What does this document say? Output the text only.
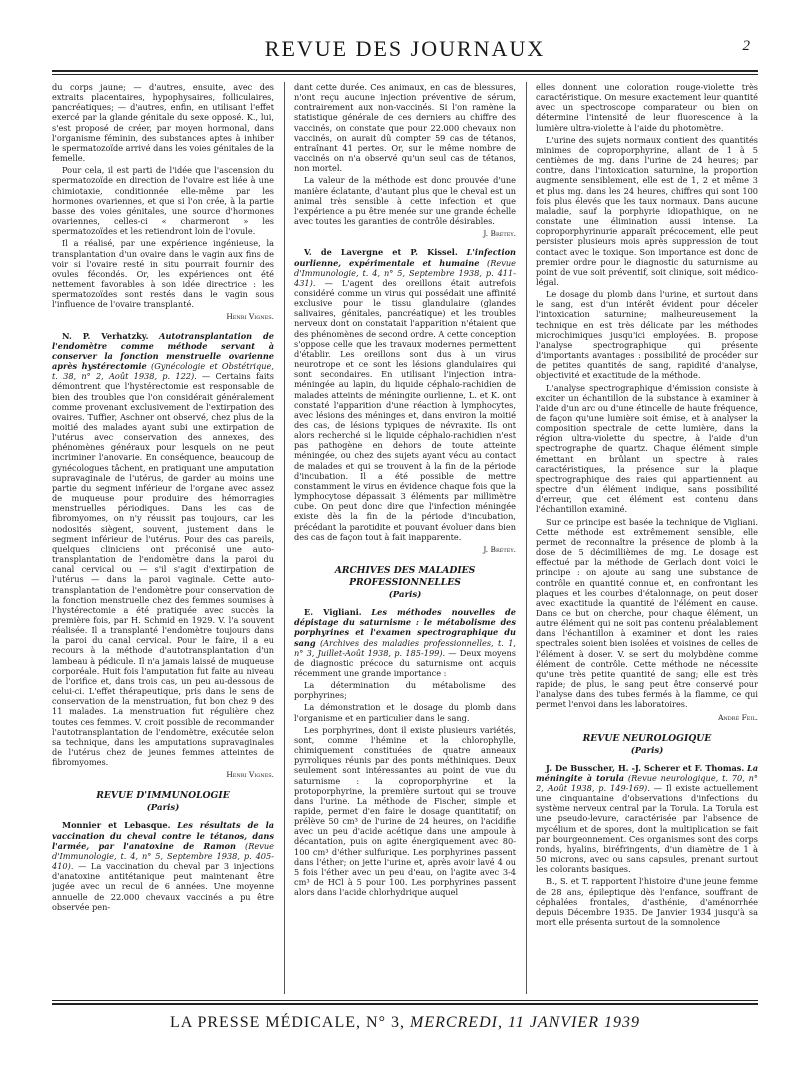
REVUE DES JOURNAUX	2

du corps jaune; — d'autres, ensuite, avec des extraits placentaires, hypophysaires, folliculaires, pancréatiques; — d'autres, enfin, en utilisant l'effet exercé par la glande génitale du sexe opposé. K., lui, s'est proposé de créer, par moyen hormonal, dans l'organisme féminin, des substances aptes à inhiber le spermatozoïde arrivé dans les voies génitales de la femelle.

Pour cela, il est parti de l'idée que l'ascension du spermatozoïde en direction de l'ovaire est liée à une chimiotaxie, conditionnée elle-même par les hormones ovariennes, et que si l'on crée, à la partie basse des voies génitales, une source d'hormones ovariennes, celles-ci « charmeront » les spermatozoïdes et les retiendront loin de l'ovule.

Il a réalisé, par une expérience ingénieuse, la transplantation d'un ovaire dans le vagin aux fins de voir si l'ovaire resté in situ pourrait fournir des ovules fécondés. Or, les expériences ont été nettement favorables à son idée directrice : les spermatozoïdes sont restés dans le vagin sous l'influence de l'ovaire transplanté.

Henri Vignes.

N. P. Verhatzky. Autotransplantation de l'endomètre comme méthode servant à conserver la fonction menstruelle ovarienne après hystérectomie (Gynécologie et Obstétrique, t. 38, n° 2, Août 1938, p. 122). — Certains faits démontrent que l'hystérectomie est responsable de bien des troubles que l'on considérait généralement comme provenant exclusivement de l'extirpation des ovaires. Tuffier, Aschner ont observé, chez plus de la moitié des malades ayant subi une extirpation de l'utérus avec conservation des annexes, des phénomènes généraux pour lesquels on ne peut incriminer l'anovarie. En conséquence, beaucoup de gynécologues tâchent, en pratiquant une amputation supravaginale de l'utérus, de garder au moins une partie du segment inférieur de l'organe avec assez de muqueuse pour produire des hémorragies menstruelles périodiques. Dans les cas de fibromyomes, on n'y réussit pas toujours, car les nodosités siègent, souvent, justement dans le segment inférieur de l'utérus. Pour des cas pareils, quelques cliniciens ont préconisé une auto-transplantation de l'endomètre dans la paroi du canal cervical ou — s'il s'agit d'extirpation de l'utérus — dans la paroi vaginale. Cette auto-transplantation de l'endomètre pour conservation de la fonction menstruelle chez des femmes soumises à l'hystérectomie a été pratiquée avec succès la première fois, par H. Schmid en 1929. V. l'a souvent réalisée. Il a transplanté l'endomètre toujours dans la paroi du canal cervical. Pour le faire, il a eu recours à la méthode d'autotransplantation d'un lambeau à pédicule. Il n'a jamais laissé de muqueuse corporéale. Huit fois l'amputation fut faite au niveau de l'orifice et, dans trois cas, un peu au-dessous de celui-ci. L'effet thérapeutique, pris dans le sens de conservation de la menstruation, fut bon chez 9 des 11 malades. La menstruation fut régulière chez toutes ces femmes. V. croit possible de recommander l'autotransplantation de l'endomètre, exécutée selon sa technique, dans les amputations supravaginales de l'utérus chez de jeunes femmes atteintes de fibromyomes.

Henri Vignes.

REVUE D'IMMUNOLOGIE
(Paris)

Monnier et Lebasque. Les résultats de la vaccination du cheval contre le tétanos, dans l'armée, par l'anatoxine de Ramon (Revue d'Immunologie, t. 4, n° 5, Septembre 1938, p. 405-410). — La vaccination du cheval par 3 injections d'anatoxine antitétanique peut maintenant être jugée avec un recul de 6 années. Une moyenne annuelle de 22.000 chevaux vaccinés a pu être observée pen-

dant cette durée. Ces animaux, en cas de blessures, n'ont reçu aucune injection préventive de sérum, contrairement aux non-vaccinés. Si l'on ramène la statistique générale de ces derniers au chiffre des vaccinés, on constate que pour 22.000 chevaux non vaccinés, on aurait dû compter 59 cas de tétanos, entraînant 41 pertes. Or, sur le même nombre de vaccinés on n'a observé qu'un seul cas de tétanos, non mortel.

La valeur de la méthode est donc prouvée d'une manière éclatante, d'autant plus que le cheval est un animal très sensible à cette infection et que l'expérience a pu être menée sur une grande échelle avec toutes les garanties de contrôle désirables.

J. Brétey.

V. de Lavergne et P. Kissel. L'infection ourlienne, expérimentale et humaine (Revue d'Immunologie, t. 4, n° 5, Septembre 1938, p. 411-431). — L'agent des oreillons était autrefois considéré comme un virus qui possédait une affinité exclusive pour le tissu glandulaire (glandes salivaires, génitales, pancréatique) et les troubles nerveux dont on constatait l'apparition n'étaient que des phénomènes de second ordre. A cette conception s'oppose celle que les travaux modernes permettent d'établir. Les oreillons sont dus à un virus neurotrope et ce sont les lésions glandulaires qui sont secondaires. En utilisant l'injection intra-méningée au lapin, du liquide céphalo-rachidien de malades atteints de méningite ourlienne, L. et K. ont constaté l'apparition d'une réaction à lymphocytes, avec lésions des méninges et, dans environ la moitié des cas, de lésions typiques de névraxite. Ils ont alors recherché si le liquide céphalo-rachidien n'est pas pathogène en dehors de toute atteinte méningée, ou chez des sujets ayant vécu au contact de malades et qui se trouvent à la fin de la période d'incubation. Il a été possible de mettre constamment le virus en évidence chaque fois que la lymphocytose dépassait 3 éléments par millimètre cube. On peut donc dire que l'infection méningée existe dès la fin de la période d'incubation, précédant la parotidite et pouvant évoluer dans bien des cas de façon tout à fait inapparente.

J. Brétey.

ARCHIVES DES MALADIES PROFESSIONNELLES
(Paris)

E. Vigliani. Les méthodes nouvelles de dépistage du saturnisme : le métabolisme des porphyrines et l'examen spectrographique du sang (Archives des maladies professionnelles, t. 1, n° 3, Juillet-Août 1938, p. 185-199). — Deux moyens de diagnostic précoce du saturnisme ont acquis récemment une grande importance :

La détermination du métabolisme des porphyrines;

La démonstration et le dosage du plomb dans l'organisme et en particulier dans le sang.

Les porphyrines, dont il existe plusieurs variétés, sont, comme l'hémine et la chlorophylle, chimiquement constituées de quatre anneaux pyrroliques réunis par des ponts méthiniques. Deux seulement sont intéressantes au point de vue du saturnisme : la coproporphyrine et la protoporphyrine, la première surtout qui se trouve dans l'urine. La méthode de Fischer, simple et rapide, permet d'en faire le dosage quantitatif; on prélève 50 cm³ de l'urine de 24 heures, on l'acidifie avec un peu d'acide acétique dans une ampoule à décantation, puis on agite énergiquement avec 80-100 cm³ d'éther sulfurique. Les porphyrines passent dans l'éther; on jette l'urine et, après avoir lavé 4 ou 5 fois l'éther avec un peu d'eau, on l'agite avec 3-4 cm³ de HCl à 5 pour 100. Les porphyrines passent alors dans l'acide chlorhydrique auquel

elles donnent une coloration rouge-violette très caractéristique. On mesure exactement leur quantité avec un spectroscope comparateur ou bien on détermine l'intensité de leur fluorescence à la lumière ultra-violette à l'aide du photomètre.

L'urine des sujets normaux contient des quantités minimes de coproporphyrine, allant de 1 à 5 centièmes de mg. dans l'urine de 24 heures; par contre, dans l'intoxication saturnine, la proportion augmente sensiblement, elle est de 1, 2 et même 3 et plus mg. dans les 24 heures, chiffres qui sont 100 fois plus élevés que les taux normaux. Dans aucune maladie, sauf la porphyrie idiopathique, on ne constate une élimination aussi intense. La coproporphyrinurie apparaît précocement, elle peut persister plusieurs mois après suppression de tout contact avec le toxique. Son importance est donc de premier ordre pour le diagnostic du saturnisme au point de vue soit préventif, soit clinique, soit médico-légal.

Le dosage du plomb dans l'urine, et surtout dans le sang, est d'un intérêt évident pour déceler l'intoxication saturnine; malheureusement la technique en est très délicate par les méthodes microchimiques jusqu'ici employées. B. propose l'analyse spectrographique qui présente d'importants avantages : possibilité de procéder sur de petites quantités de sang, rapidité d'analyse, objectivité et exactitude de la méthode.

L'analyse spectrographique d'émission consiste à exciter un échantillon de la substance à examiner à l'aide d'un arc ou d'une étincelle de haute fréquence, de façon qu'une lumière soit émise, et à analyser la composition spectrale de cette lumière, dans la région ultra-violette du spectre, à l'aide d'un spectrographe de quartz. Chaque élément simple émettant en brûlant un spectre à raies caractéristiques, la présence sur la plaque spectrographique des raies qui appartiennent au spectre d'un élément indique, sans possibilité d'erreur, que cet élément est contenu dans l'échantillon examiné.

Sur ce principe est basée la technique de Vigliani. Cette méthode est extrêmement sensible, elle permet de reconnaître la présence de plomb à la dose de 5 décimillièmes de mg. Le dosage est effectué par la méthode de Gerlach dont voici le principe : on ajoute au sang une substance de contrôle en quantité connue et, en confrontant les plaques et les courbes d'étalonnage, on peut doser avec exactitude la quantité de l'élément en cause. Dans ce but on cherche, pour chaque élément, un autre élément qui ne soit pas contenu préalablement dans l'échantillon à examiner et dont les raies spectrales soient bien isolées et voisines de celles de l'élément à doser. V. se sert du molybdène comme élément de contrôle. Cette méthode ne nécessite qu'une très petite quantité de sang; elle est très rapide; de plus, le sang peut être conservé pour l'analyse dans des tubes fermés à la flamme, ce qui permet l'envoi dans les laboratoires.

André Feil.

REVUE NEUROLOGIQUE
(Paris)

J. De Busscher, H. -J. Scherer et F. Thomas. La méningite à torula (Revue neurologique, t. 70, n° 2, Août 1938, p. 149-169). — Il existe actuellement une cinquantaine d'observations d'infections du système nerveux central par la Torula. La Torula est une pseudo-levure, caractérisée par l'absence de mycélium et de spores, dont la multiplication se fait par bourgeonnement. Ces organismes sont des corps ronds, hyalins, biréfringents, d'un diamètre de 1 à 50 microns, avec ou sans capsules, prenant surtout les colorants basiques.

B., S. et T. rapportent l'histoire d'une jeune femme de 28 ans, épileptique dès l'enfance, souffrant de céphalées frontales, d'asthénie, d'aménorrhée depuis Décembre 1935. De Janvier 1934 jusqu'à sa mort elle présenta surtout de la somnolence

LA PRESSE MÉDICALE, N° 3, MERCREDI, 11 JANVIER 1939
